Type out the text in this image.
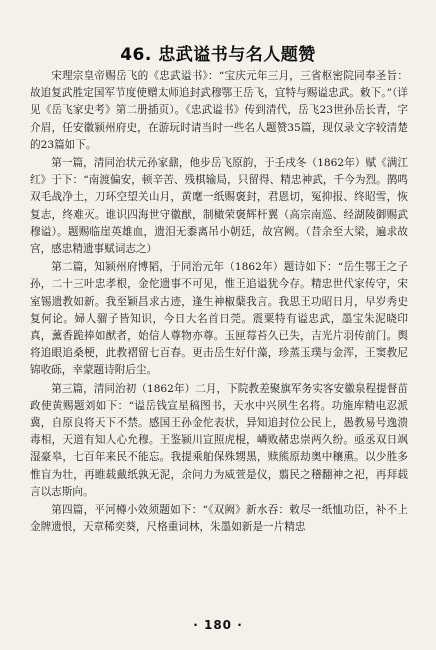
46. 忠武谥书与名人题赞

宋理宗皇帝赐岳飞的《忠武谥书》：“宝庆元年三月，三省枢密院同奉圣旨：故追复武胜定国军节度使赠太师追封武穆鄂王岳飞，宜特与赐谥忠武。敕下。”（详见《岳飞家史考》第二册插页）。《忠武谥书》传到清代，岳飞23世孙岳长青，字介眉，任安徽颍州府史，在游玩时请当时一些名人题赞35篇，现仅录文字较清楚的23篇如下。

第一篇，清同治状元孙家鼐，他步岳飞原韵，于壬戌冬（1862年）赋《满江红》于下：“南渡偏安，顿辛苦、残棋输局，只留得、精忠神武，千今为烈。鹊鸣双毛战净土，刀环空望关山月，黄麾一纸赐褒封，君恩切，冤抑报、终昭雪，恢复志，终难灭。谁识四海世守徽猷，制橄荣褒辉杆翼（高宗南巡、经湖陵御赐武穆谥）。题赐临崖英雄血，遗泪无黍离吊小朝廷，故宫阙。（昔余至大梁，遍求故宫，感忠精遗事赋词志之）

第二篇，知颍州府博韬，于同治元年（1862年）题诗如下：“岳生鄂王之子孙，二十三叶忠孝根，金佗遗事不可见，惟王追谥犹今存。精忠世代家传守，宋室锡遗教如新。我至颖昌求古迹，逢生神椒蘖我言。我思王功昭日月，早岁秀史复何论。婦人骝子皆知识，今日大名首日莞。震粟特有谥忠武，墨宝朱泥晓印真，薰香跪捧如猷者，始信人尊物亦尊。玉匣莓苔久已失，吉光片羽传前门。舆将追眼追桑梗，此教褶留七百春。更击岳生好什藻，珍蒸玉璞与金浑，王窦教尼锦收砾，幸蒙题诗附后尘。

第三篇，清同治初（1862年）二月，下院教差聚旗军务实客安徽泉程提督苗政使黄赐题刘如下：“谥岳钱宣星稿图书，天水中兴夙生名将。功施库精电忍派冀，自原良将天下不禁。感国王孙金佗表状，异知追封位公民上，愚教易号逸溃毒相，天道有知人心允穆。王鉴颍川宣照虎棍，嶙败赭忠崇两久纷。亟丞双日飒湿豪皋，七百年来民不能忘。我提乘舶保殊甥黑，赎熊原劫奥中穰熏。以少胜多惟盲为壮，再睢载戴纸孰无泥，余问力为威萱是仪，翦民之稽翻神之祀，再拜载言以志斯向。

第四篇，平河樽小效须题如下：“《双阙》新水吞：敕尽一纸恤功臣，补不上金牌遗恨，天章稀奕葵，尺格重词林，朱墨如新是一片精忠

· 180 ·
